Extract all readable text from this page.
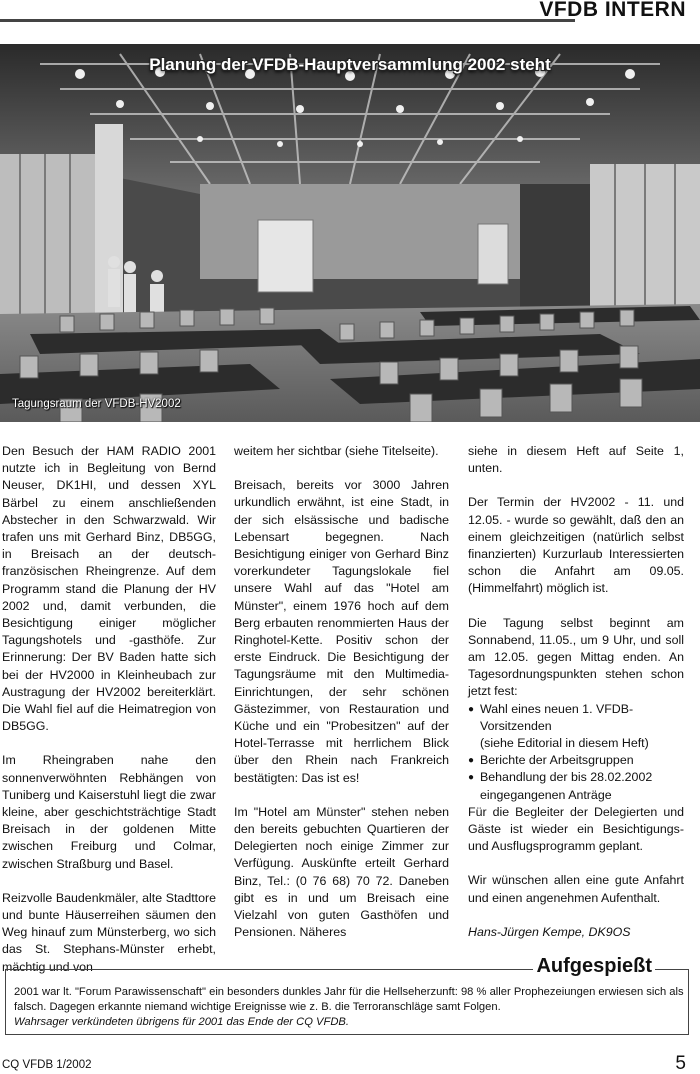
VFDB INTERN
Planung der VFDB-Hauptversammlung 2002 steht
Tagungsraum der VFDB-HV2002

Den Besuch der HAM RADIO 2001 nutzte ich in Begleitung von Bernd Neuser, DK1HI, und dessen XYL Bärbel zu einem anschließenden Abstecher in den Schwarzwald. Wir trafen uns mit Gerhard Binz, DB5GG, in Breisach an der deutsch-französischen Rheingrenze. Auf dem Programm stand die Planung der HV 2002 und, damit verbunden, die Besichtigung einiger möglicher Tagungshotels und -gasthöfe. Zur Erinnerung: Der BV Baden hatte sich bei der HV2000 in Kleinheubach zur Austragung der HV2002 bereiterklärt. Die Wahl fiel auf die Heimatregion von DB5GG.

Im Rheingraben nahe den sonnenverwöhnten Rebhängen von Tuniberg und Kaiserstuhl liegt die zwar kleine, aber geschichtsträchtige Stadt Breisach in der goldenen Mitte zwischen Freiburg und Colmar, zwischen Straßburg und Basel.

Reizvolle Baudenkmäler, alte Stadttore und bunte Häuserreihen säumen den Weg hinauf zum Münsterberg, wo sich das St. Stephans-Münster erhebt, mächtig und von

weitem her sichtbar (siehe Titelseite).

Breisach, bereits vor 3000 Jahren urkundlich erwähnt, ist eine Stadt, in der sich elsässische und badische Lebensart begegnen. Nach Besichtigung einiger von Gerhard Binz vorerkundeter Tagungslokale fiel unsere Wahl auf das "Hotel am Münster", einem 1976 hoch auf dem Berg erbauten renommierten Haus der Ringhotel-Kette. Positiv schon der erste Eindruck. Die Besichtigung der Tagungsräume mit den Multimedia-Einrichtungen, der sehr schönen Gästezimmer, von Restauration und Küche und ein "Probesitzen" auf der Hotel-Terrasse mit herrlichem Blick über den Rhein nach Frankreich bestätigten: Das ist es!

Im "Hotel am Münster" stehen neben den bereits gebuchten Quartieren der Delegierten noch einige Zimmer zur Verfügung. Auskünfte erteilt Gerhard Binz, Tel.: (0 76 68) 70 72. Daneben gibt es in und um Breisach eine Vielzahl von guten Gasthöfen und Pensionen. Näheres

siehe in diesem Heft auf Seite 1, unten.

Der Termin der HV2002 - 11. und 12.05. - wurde so gewählt, daß den an einem gleichzeitigen (natürlich selbst finanzierten) Kurzurlaub Interessierten schon die Anfahrt am 09.05. (Himmelfahrt) möglich ist.

Die Tagung selbst beginnt am Sonnabend, 11.05., um 9 Uhr, und soll am 12.05. gegen Mittag enden. An Tagesordnungspunkten stehen schon jetzt fest:

● Wahl eines neuen 1. VFDB-Vorsitzenden
(siehe Editorial in diesem Heft)
● Berichte der Arbeitsgruppen
● Behandlung der bis 28.02.2002 eingegangenen Anträge

Für die Begleiter der Delegierten und Gäste ist wieder ein Besichtigungs- und Ausflugsprogramm geplant.

Wir wünschen allen eine gute Anfahrt und einen angenehmen Aufenthalt.

Hans-Jürgen Kempe, DK9OS

Aufgespießt
2001 war lt. "Forum Parawissenschaft" ein besonders dunkles Jahr für die Hellseherzunft: 98 % aller Prophezeiungen erwiesen sich als falsch. Dagegen erkannte niemand wichtige Ereignisse wie z. B. die Terroranschläge samt Folgen.
Wahrsager verkündeten übrigens für 2001 das Ende der CQ VFDB.
CQ VFDB 1/2002	5
